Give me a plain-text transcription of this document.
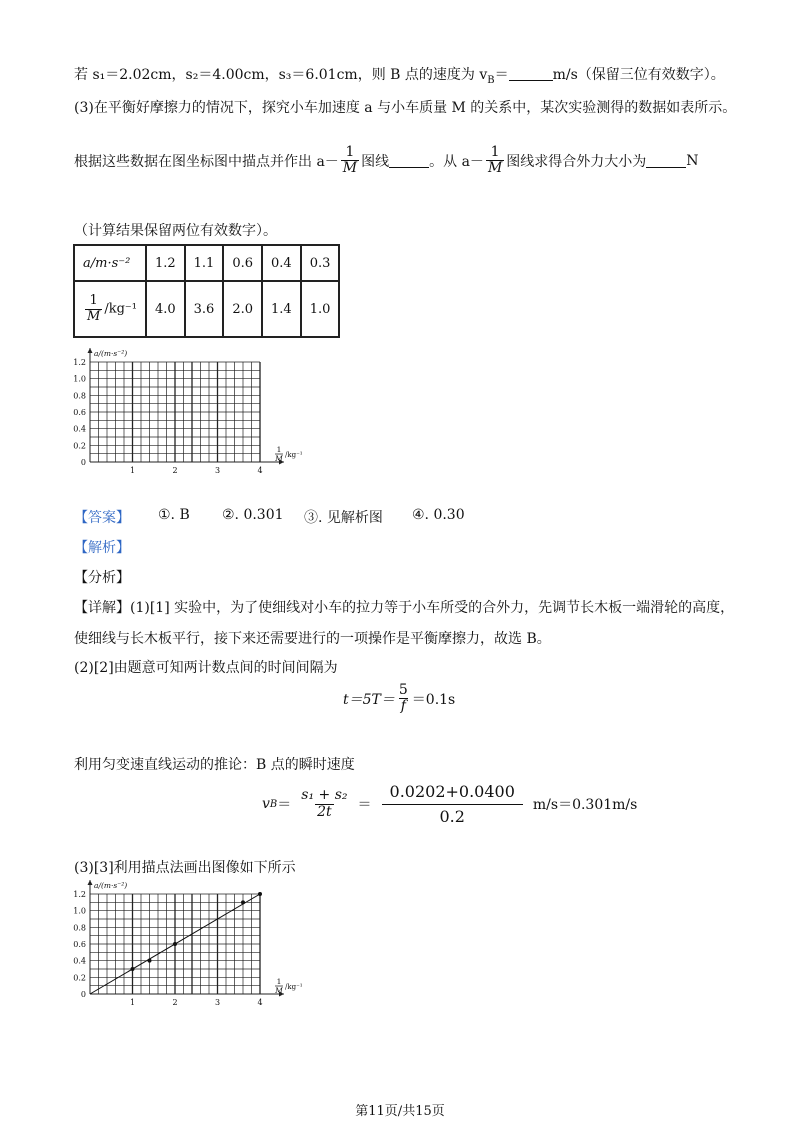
若 s₁＝2.02cm，s₂＝4.00cm，s₃＝6.01cm，则 B 点的速度为 $v_B=$	m/s（保留三位有效数字）。
(3)在平衡好摩擦力的情况下，探究小车加速度 a 与小车质量 M 的关系中，某次实验测得的数据如表所示。
根据这些数据在图坐标图中描点并作出 $a- \frac{1}{M}$ 图线	。从 $a- \frac{1}{M}$ 图线求得合外力大小为	N
（计算结果保留两位有效数字）。
a/m·s⁻²	1.2	1.1	0.6	0.4	0.3

$\frac{1}{M} /kg^{-1}$	4.0	3.6	2.0	1.4	1.0
1.2
1.0
0.8
0.6
0.4
0.2
0
1	2	3	4
a/(m·s⁻²)
1
M /kg⁻¹
【答案】	①. B	②. 0.301	③. 见解析图	④. 0.30
【解析】
【分析】
【详解】(1)[1] 实验中，为了使细线对小车的拉力等于小车所受的合外力，先调节长木板一端滑轮的高度，
使细线与长木板平行，接下来还需要进行的一项操作是平衡摩擦力，故选 B。
(2)[2]由题意可知两计数点间的时间间隔为
$t=5T= \frac{5}{f} =0.1s$
利用匀变速直线运动的推论：B 点的瞬时速度
v $B = \frac{\text{s₁ + s₂}}{2t} = \frac{0.0202+0.0400}{0.2} m/s=0.301m/s$
(3)[3]利用描点法画出图像如下所示
1.2
1.0
0.8
0.6
0.4
0.2
0
1	2	3	4
a/(m·s⁻²)
1
M /kg⁻¹
第11页/共15页
